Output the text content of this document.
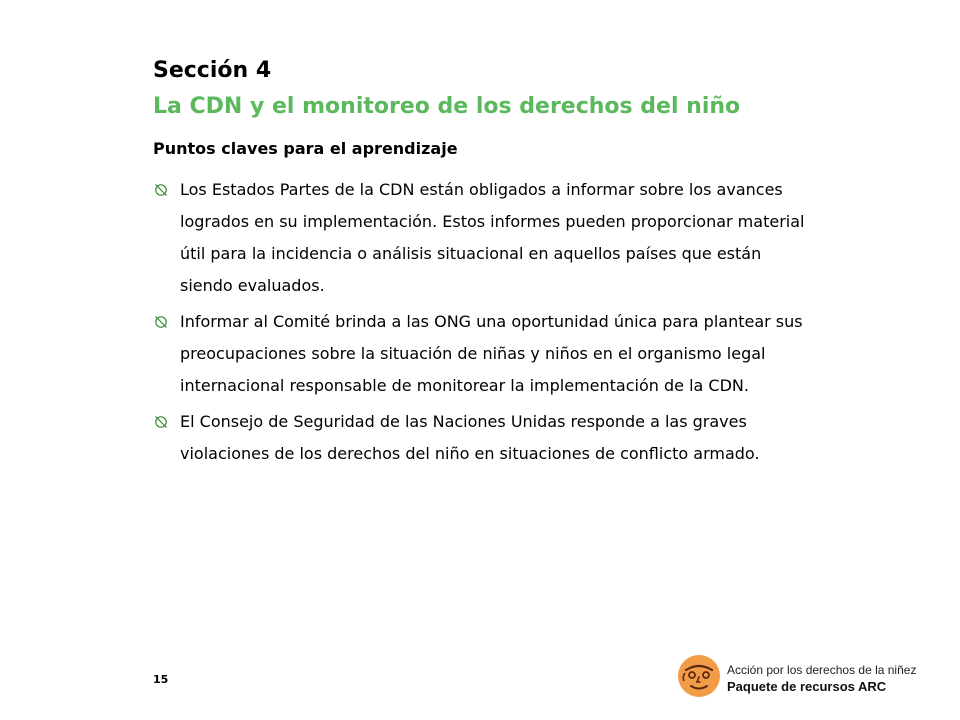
Sección 4
La CDN y el monitoreo de los derechos del niño
Puntos claves para el aprendizaje
Los Estados Partes de la CDN están obligados a informar sobre los avances
logrados en su implementación. Estos informes pueden proporcionar material
útil para la incidencia o análisis situacional en aquellos países que están
siendo evaluados.
Informar al Comité brinda a las ONG una oportunidad única para plantear sus
preocupaciones sobre la situación de niñas y niños en el organismo legal
internacional responsable de monitorear la implementación de la CDN.
El Consejo de Seguridad de las Naciones Unidas responde a las graves
violaciones de los derechos del niño en situaciones de conflicto armado.
15
Acción por los derechos de la niñez
Paquete de recursos ARC
